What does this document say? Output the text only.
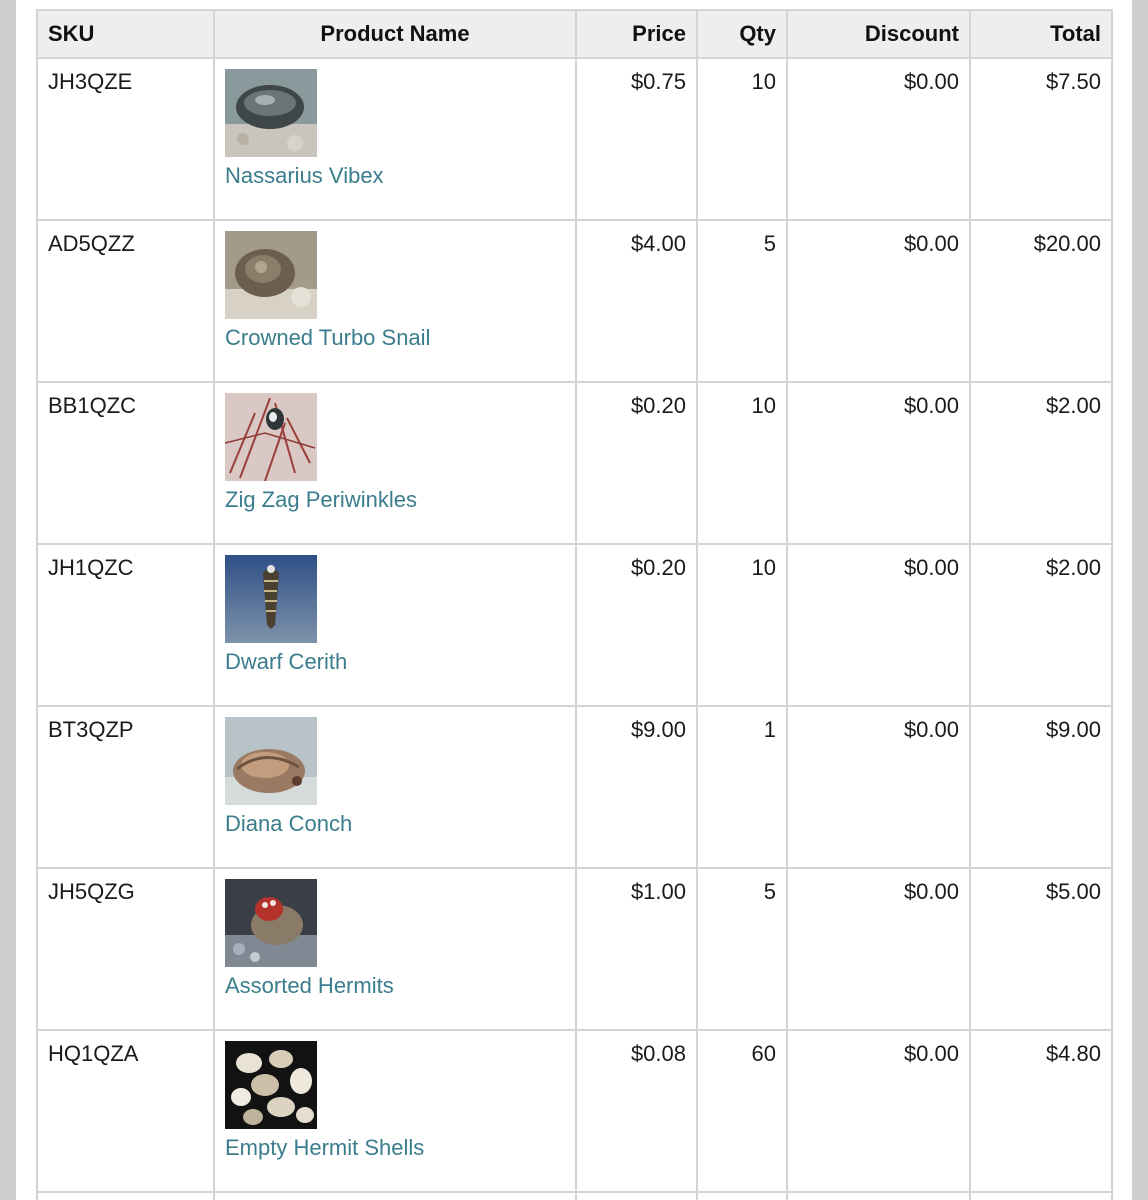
SKU	Product Name	Price	Qty	Discount	Total
JH3QZE	Nassarius Vibex	$0.75	10	$0.00	$7.50
AD5QZZ	Crowned Turbo Snail	$4.00	5	$0.00	$20.00
BB1QZC	Zig Zag Periwinkles	$0.20	10	$0.00	$2.00
JH1QZC	Dwarf Cerith	$0.20	10	$0.00	$2.00
BT3QZP	Diana Conch	$9.00	1	$0.00	$9.00
JH5QZG	Assorted Hermits	$1.00	5	$0.00	$5.00
HQ1QZA	Empty Hermit Shells	$0.08	60	$0.00	$4.80
